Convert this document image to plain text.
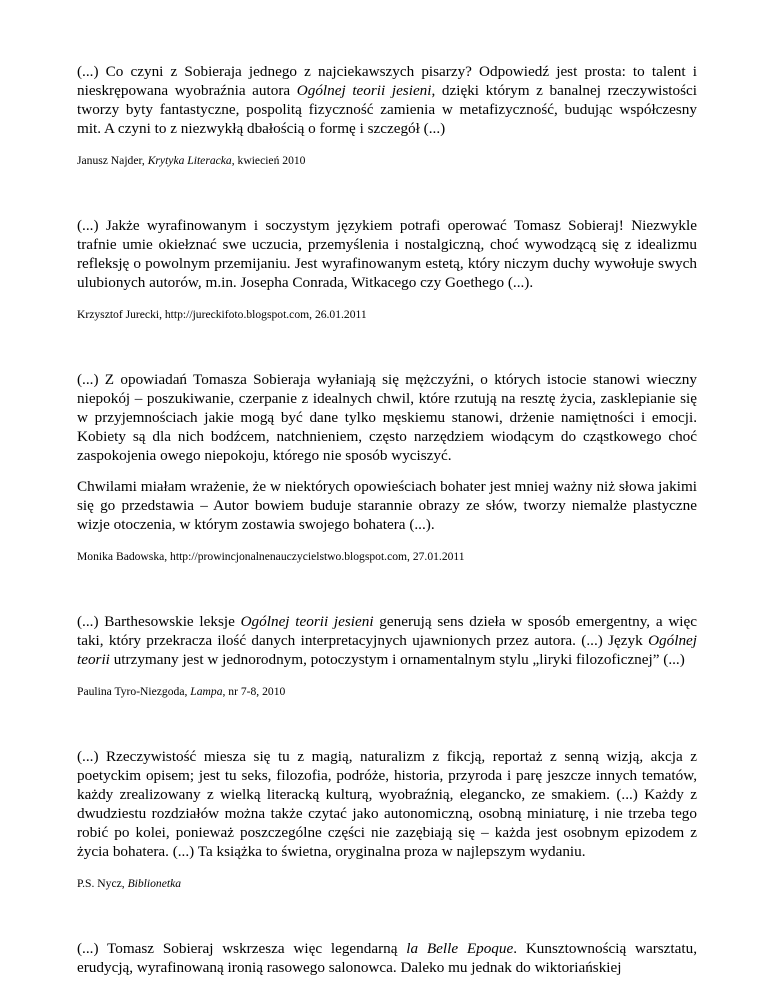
(...) Co czyni z Sobieraja jednego z najciekawszych pisarzy? Odpowiedź jest prosta: to talent i nieskrępowana wyobraźnia autora Ogólnej teorii jesieni, dzięki którym z banalnej rzeczywistości tworzy byty fantastyczne, pospolitą fizyczność zamienia w metafizyczność, budując współczesny mit. A czyni to z niezwykłą dbałością o formę i szczegół (...)

Janusz Najder, Krytyka Literacka, kwiecień 2010

(...) Jakże wyrafinowanym i soczystym językiem potrafi operować Tomasz Sobieraj! Niezwykle trafnie umie okiełznać swe uczucia, przemyślenia i nostalgiczną, choć wywodzącą się z idealizmu refleksję o powolnym przemijaniu. Jest wyrafinowanym estetą, który niczym duchy wywołuje swych ulubionych autorów, m.in. Josepha Conrada, Witkacego czy Goethego (...).

Krzysztof Jurecki, http://jureckifoto.blogspot.com, 26.01.2011

(...) Z opowiadań Tomasza Sobieraja wyłaniają się mężczyźni, o których istocie stanowi wieczny niepokój – poszukiwanie, czerpanie z idealnych chwil, które rzutują na resztę życia, zasklepianie się w przyjemnościach jakie mogą być dane tylko męskiemu stanowi, drżenie namiętności i emocji. Kobiety są dla nich bodźcem, natchnieniem, często narzędziem wiodącym do cząstkowego choć zaspokojenia owego niepokoju, którego nie sposób wyciszyć.

Chwilami miałam wrażenie, że w niektórych opowieściach bohater jest mniej ważny niż słowa jakimi się go przedstawia – Autor bowiem buduje starannie obrazy ze słów, tworzy niemalże plastyczne wizje otoczenia, w którym zostawia swojego bohatera (...).

Monika Badowska, http://prowincjonalnenauczycielstwo.blogspot.com, 27.01.2011

(...) Barthesowskie leksje Ogólnej teorii jesieni generują sens dzieła w sposób emergentny, a więc taki, który przekracza ilość danych interpretacyjnych ujawnionych przez autora. (...) Język Ogólnej teorii utrzymany jest w jednorodnym, potoczystym i ornamentalnym stylu „liryki filozoficznej” (...)

Paulina Tyro-Niezgoda, Lampa, nr 7-8, 2010

(...) Rzeczywistość miesza się tu z magią, naturalizm z fikcją, reportaż z senną wizją, akcja z poetyckim opisem; jest tu seks, filozofia, podróże, historia, przyroda i parę jeszcze innych tematów, każdy zrealizowany z wielką literacką kulturą, wyobraźnią, elegancko, ze smakiem. (...) Każdy z dwudziestu rozdziałów można także czytać jako autonomiczną, osobną miniaturę, i nie trzeba tego robić po kolei, ponieważ poszczególne części nie zazębiają się – każda jest osobnym epizodem z życia bohatera. (...) Ta książka to świetna, oryginalna proza w najlepszym wydaniu.

P.S. Nycz, Biblionetka

(...) Tomasz Sobieraj wskrzesza więc legendarną la Belle Epoque. Kunsztownością warsztatu, erudycją, wyrafinowaną ironią rasowego salonowca. Daleko mu jednak do wiktoriańskiej
